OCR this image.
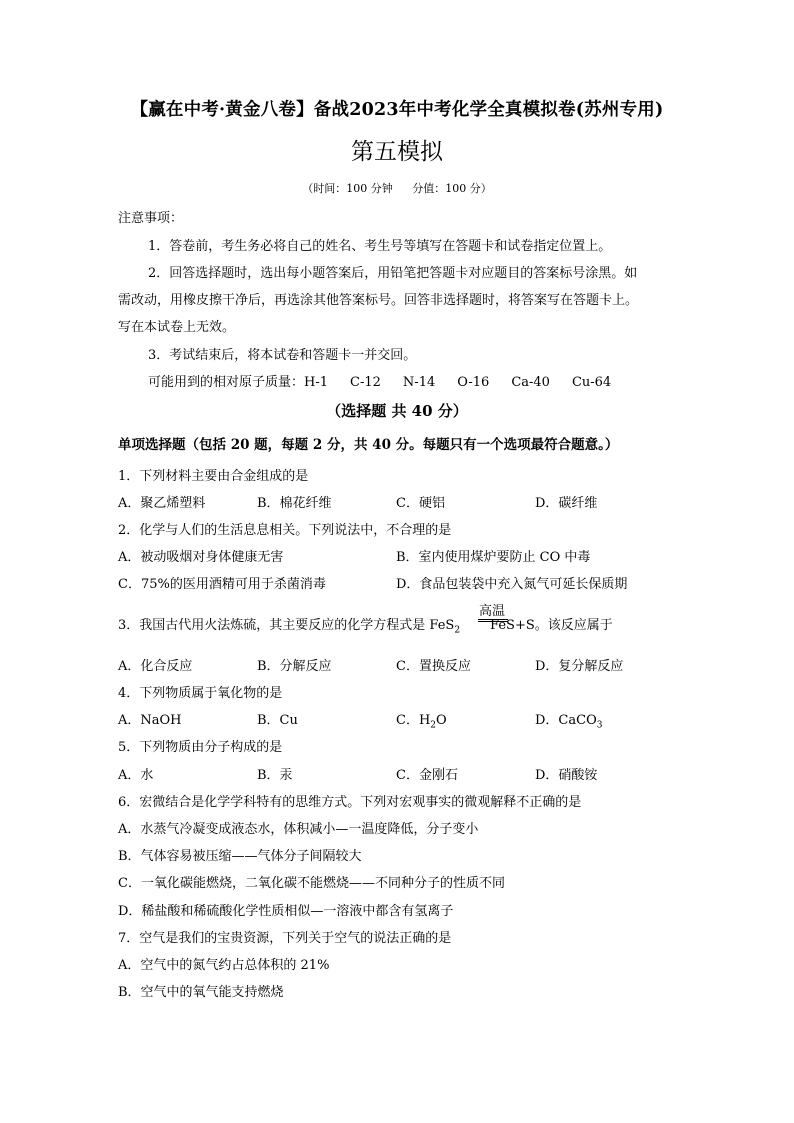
【赢在中考·黄金八卷】备战2023年中考化学全真模拟卷(苏州专用)
第五模拟
（时间：100 分钟 分值：100 分）
注意事项：
1．答卷前，考生务必将自己的姓名、考生号等填写在答题卡和试卷指定位置上。
2．回答选择题时，选出每小题答案后，用铅笔把答题卡对应题目的答案标号涂黑。如
需改动，用橡皮擦干净后，再选涂其他答案标号。回答非选择题时，将答案写在答题卡上。
写在本试卷上无效。
3．考试结束后，将本试卷和答题卡一并交回。
可能用到的相对原子质量：H-1 C-12 N-14 O-16 Ca-40 Cu-64
（选择题 共 40 分）
单项选择题（包括 20 题，每题 2 分，共 40 分。每题只有一个选项最符合题意。）
1．下列材料主要由合金组成的是
A．聚乙烯塑料	B．棉花纤维	C．硬铝	D．碳纤维
2．化学与人们的生活息息相关。下列说法中，不合理的是
A．被动吸烟对身体健康无害	B．室内使用煤炉要防止 CO 中毒
C．75%的医用酒精可用于杀菌消毒	D．食品包装袋中充入氮气可延长保质期
3．我国古代用火法炼硫，其主要反应的化学方程式是 FeS$_2$ FeS+S。该反应属于
高温
A．化合反应	B．分解反应	C．置换反应	D．复分解反应
4．下列物质属于氧化物的是
A．NaOH	B．Cu	C．$H_2O$	D．CaCO$_3$
5．下列物质由分子构成的是
A．水	B．汞	C．金刚石	D．硝酸铵
6．宏微结合是化学学科特有的思维方式。下列对宏观事实的微观解释不正确的是
A．水蒸气冷凝变成液态水，体积减小—一温度降低，分子变小
B．气体容易被压缩——气体分子间隔较大
C．一氧化碳能燃烧，二氧化碳不能燃烧——不同种分子的性质不同
D．稀盐酸和稀硫酸化学性质相似—一溶液中都含有氢离子
7．空气是我们的宝贵资源，下列关于空气的说法正确的是
A．空气中的氮气约占总体积的 21%
B．空气中的氧气能支持燃烧
